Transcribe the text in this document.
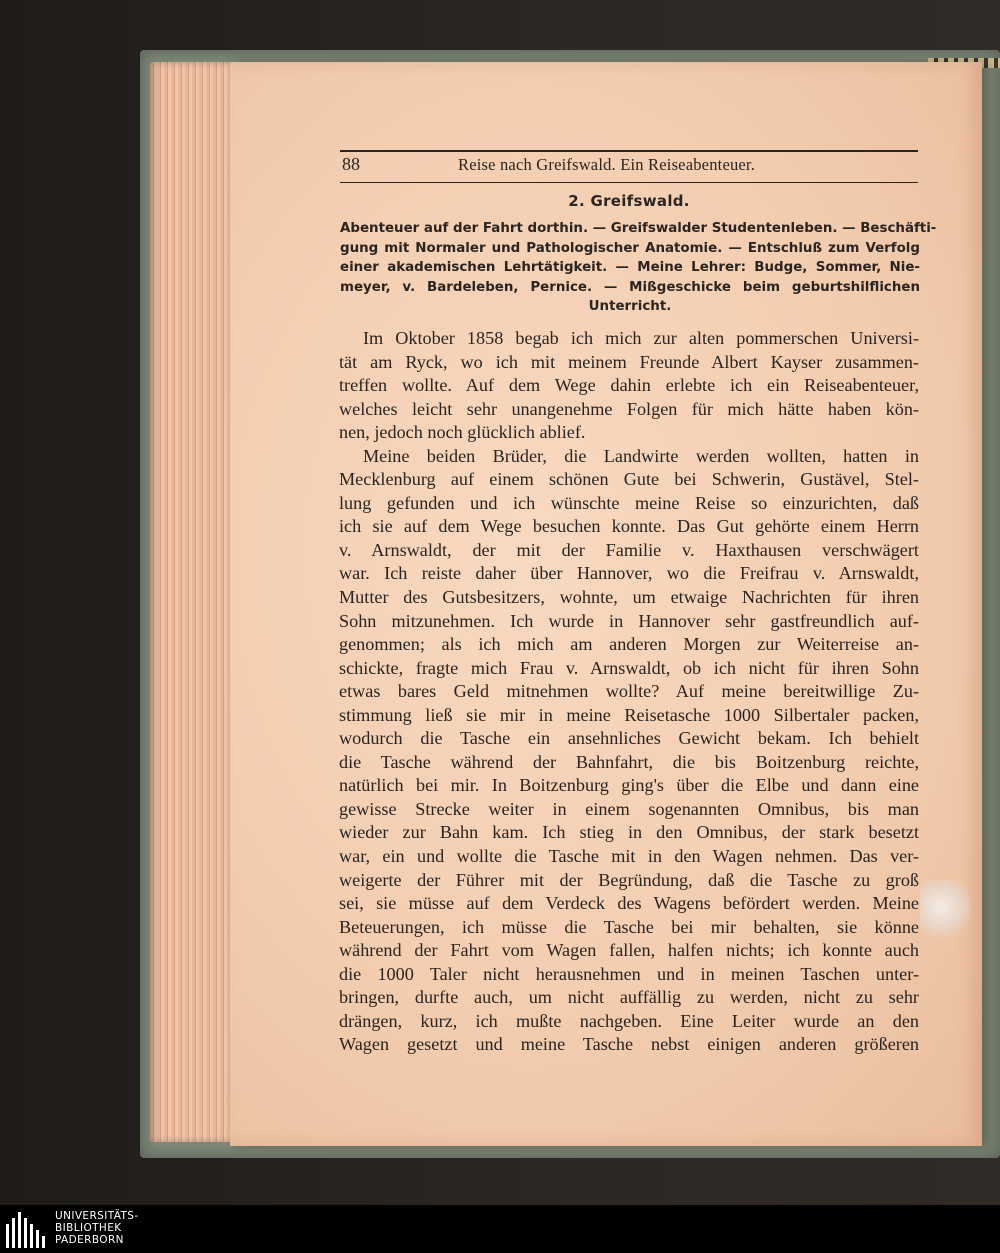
88	Reise nach Greifswald. Ein Reiseabenteuer.
2. Greifswald.
Abenteuer auf der Fahrt dorthin. — Greifswalder Studentenleben. — Beschäfti-
gung mit Normaler und Pathologischer Anatomie. — Entschluß zum Verfolg
einer akademischen Lehrtätigkeit. — Meine Lehrer: Budge, Sommer, Nie-
meyer, v. Bardeleben, Pernice. — Mißgeschicke beim geburtshilflichen
Unterricht.
Im Oktober 1858 begab ich mich zur alten pommerschen Universi-
tät am Ryck, wo ich mit meinem Freunde Albert Kayser zusammen-
treffen wollte. Auf dem Wege dahin erlebte ich ein Reiseabenteuer,
welches leicht sehr unangenehme Folgen für mich hätte haben kön-
nen, jedoch noch glücklich ablief.
Meine beiden Brüder, die Landwirte werden wollten, hatten in
Mecklenburg auf einem schönen Gute bei Schwerin, Gustävel, Stel-
lung gefunden und ich wünschte meine Reise so einzurichten, daß
ich sie auf dem Wege besuchen konnte. Das Gut gehörte einem Herrn
v. Arnswaldt, der mit der Familie v. Haxthausen verschwägert
war. Ich reiste daher über Hannover, wo die Freifrau v. Arnswaldt,
Mutter des Gutsbesitzers, wohnte, um etwaige Nachrichten für ihren
Sohn mitzunehmen. Ich wurde in Hannover sehr gastfreundlich auf-
genommen; als ich mich am anderen Morgen zur Weiterreise an-
schickte, fragte mich Frau v. Arnswaldt, ob ich nicht für ihren Sohn
etwas bares Geld mitnehmen wollte? Auf meine bereitwillige Zu-
stimmung ließ sie mir in meine Reisetasche 1000 Silbertaler packen,
wodurch die Tasche ein ansehnliches Gewicht bekam. Ich behielt
die Tasche während der Bahnfahrt, die bis Boitzenburg reichte,
natürlich bei mir. In Boitzenburg ging's über die Elbe und dann eine
gewisse Strecke weiter in einem sogenannten Omnibus, bis man
wieder zur Bahn kam. Ich stieg in den Omnibus, der stark besetzt
war, ein und wollte die Tasche mit in den Wagen nehmen. Das ver-
weigerte der Führer mit der Begründung, daß die Tasche zu groß
sei, sie müsse auf dem Verdeck des Wagens befördert werden. Meine
Beteuerungen, ich müsse die Tasche bei mir behalten, sie könne
während der Fahrt vom Wagen fallen, halfen nichts; ich konnte auch
die 1000 Taler nicht herausnehmen und in meinen Taschen unter-
bringen, durfte auch, um nicht auffällig zu werden, nicht zu sehr
drängen, kurz, ich mußte nachgeben. Eine Leiter wurde an den
Wagen gesetzt und meine Tasche nebst einigen anderen größeren
UNIVERSITÄTS-
BIBLIOTHEK
PADERBORN
